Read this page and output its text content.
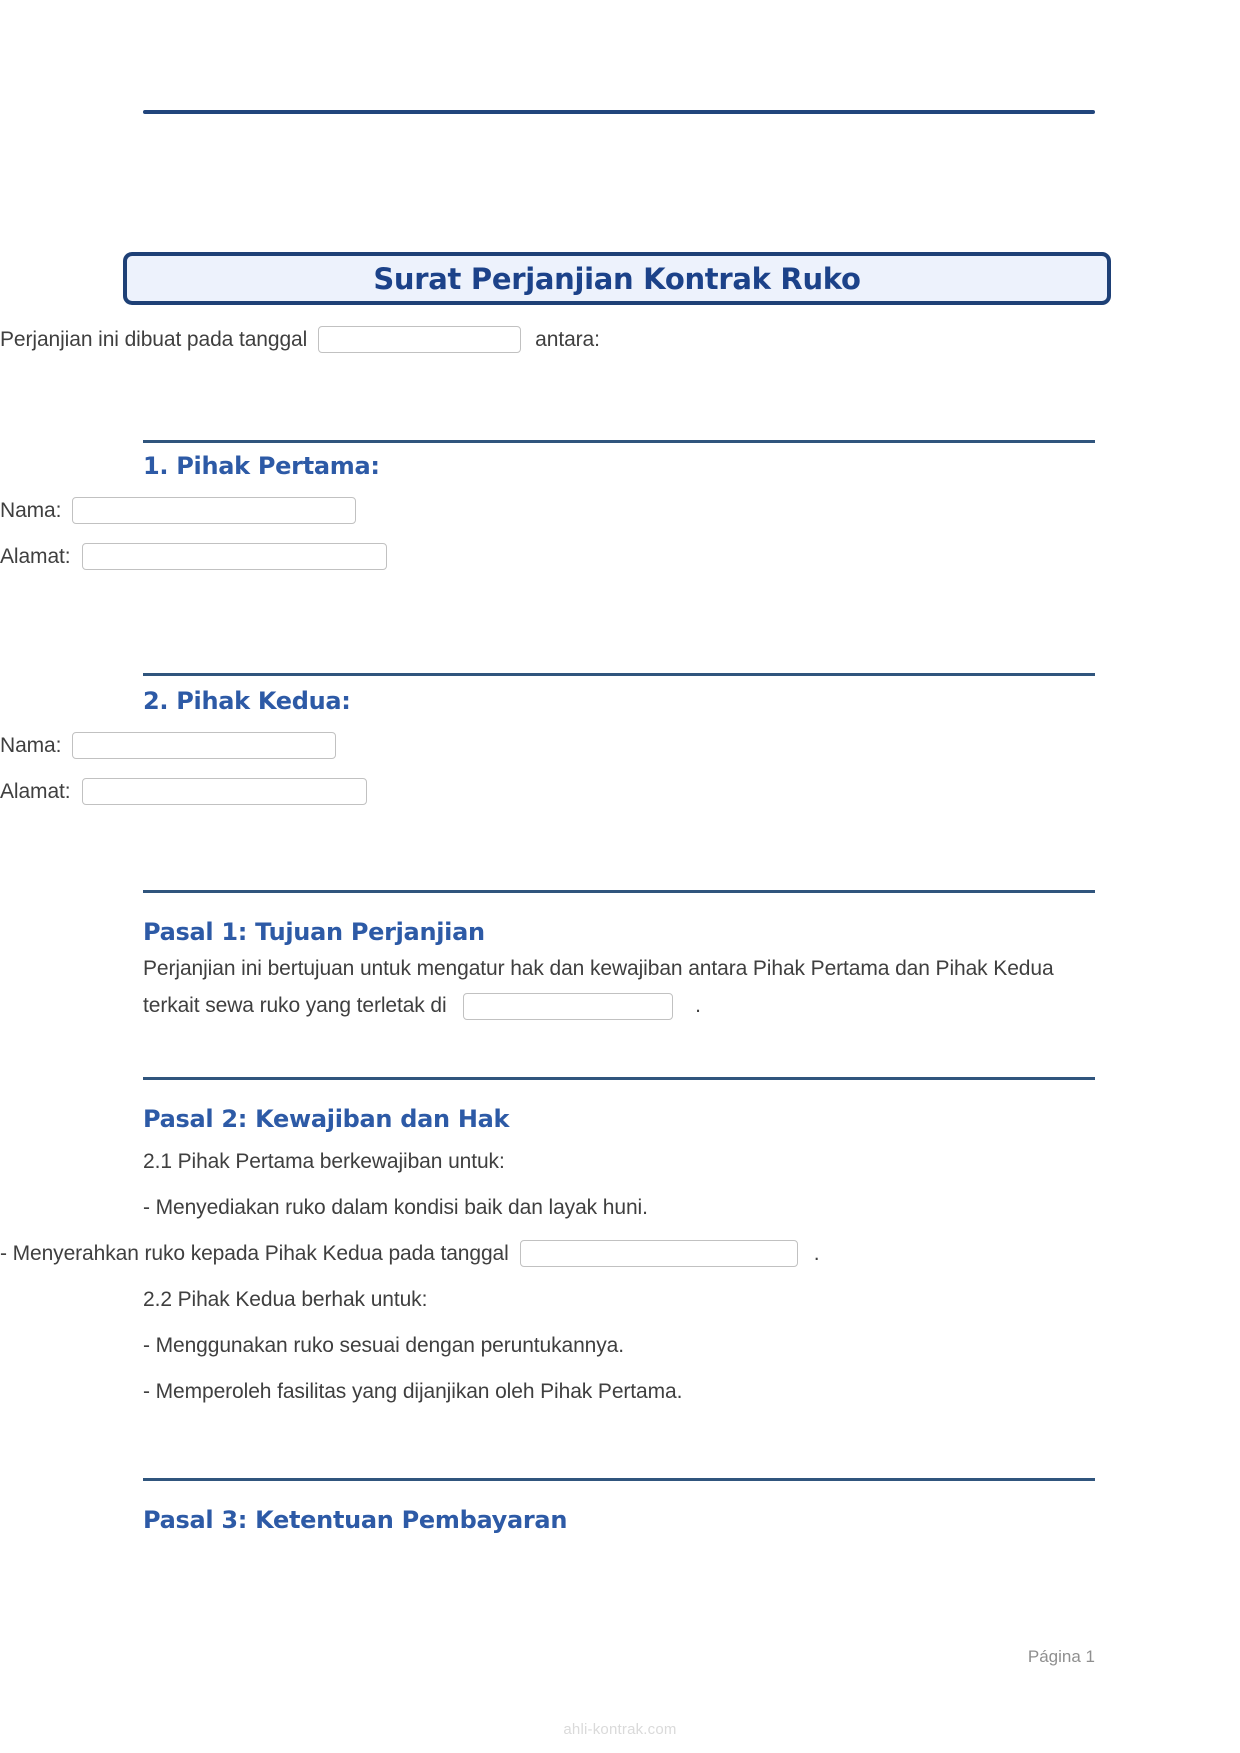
Surat Perjanjian Kontrak Ruko
Perjanjian ini dibuat pada tanggal	antara:
1. Pihak Pertama:
Nama:
Alamat:
2. Pihak Kedua:
Nama:
Alamat:
Pasal 1: Tujuan Perjanjian
Perjanjian ini bertujuan untuk mengatur hak dan kewajiban antara Pihak Pertama dan Pihak Kedua terkait sewa ruko yang terletak di	.
Pasal 2: Kewajiban dan Hak
2.1 Pihak Pertama berkewajiban untuk:
- Menyediakan ruko dalam kondisi baik dan layak huni.
- Menyerahkan ruko kepada Pihak Kedua pada tanggal	.
2.2 Pihak Kedua berhak untuk:
- Menggunakan ruko sesuai dengan peruntukannya.
- Memperoleh fasilitas yang dijanjikan oleh Pihak Pertama.
Pasal 3: Ketentuan Pembayaran
Página 1
ahli-kontrak.com
